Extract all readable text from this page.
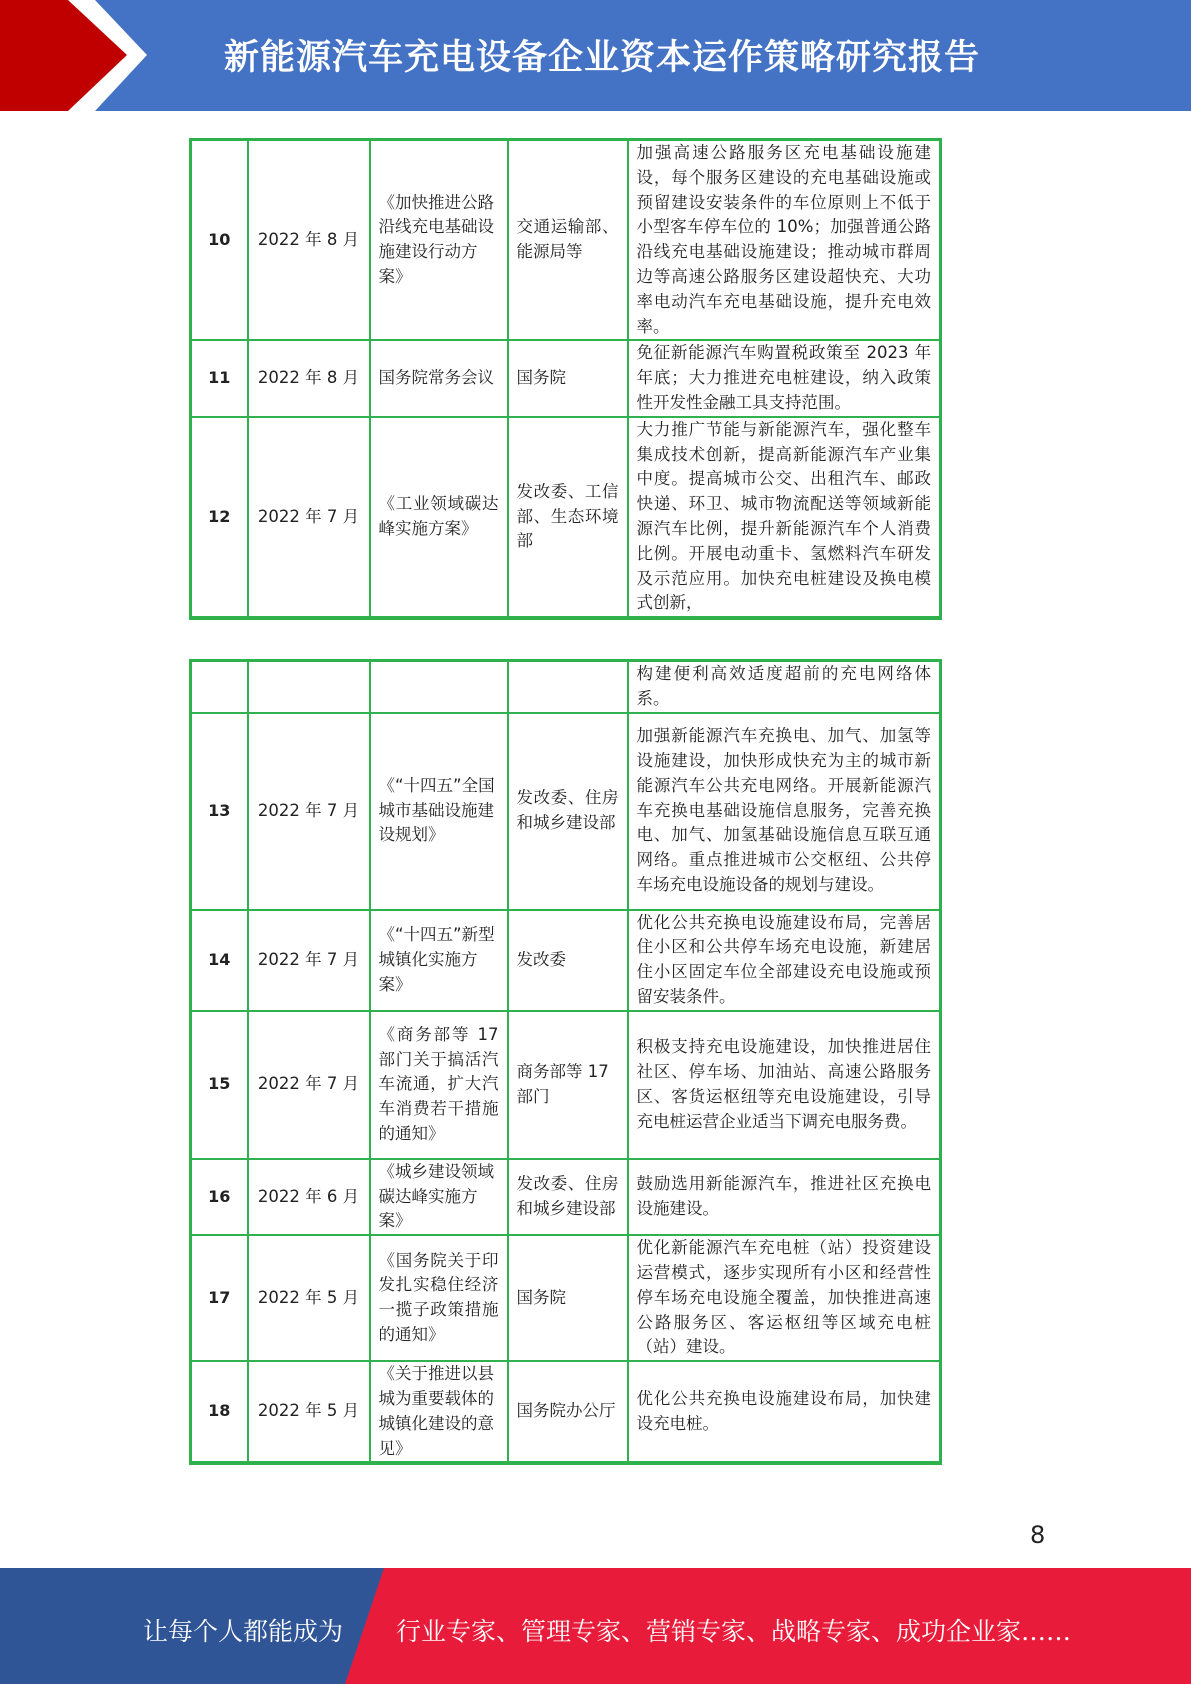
新能源汽车充电设备企业资本运作策略研究报告
10	2022 年 8 月	《加快推进公路沿线充电基础设施建设行动方案》	交通运输部、能源局等	加强高速公路服务区充电基础设施建设，每个服务区建设的充电基础设施或预留建设安装条件的车位原则上不低于小型客车停车位的 10%；加强普通公路沿线充电基础设施建设；推动城市群周边等高速公路服务区建设超快充、大功率电动汽车充电基础设施，提升充电效率。
11	2022 年 8 月	国务院常务会议	国务院	免征新能源汽车购置税政策至 2023 年年底；大力推进充电桩建设，纳入政策性开发性金融工具支持范围。
12	2022 年 7 月	《工业领域碳达峰实施方案》	发改委、工信部、生态环境部	大力推广节能与新能源汽车，强化整车集成技术创新，提高新能源汽车产业集中度。提高城市公交、出租汽车、邮政快递、环卫、城市物流配送等领域新能源汽车比例，提升新能源汽车个人消费比例。开展电动重卡、氢燃料汽车研发及示范应用。加快充电桩建设及换电模式创新，
				构建便利高效适度超前的充电网络体系。
13	2022 年 7 月	《“十四五”全国城市基础设施建设规划》	发改委、住房和城乡建设部	加强新能源汽车充换电、加气、加氢等设施建设，加快形成快充为主的城市新能源汽车公共充电网络。开展新能源汽车充换电基础设施信息服务，完善充换电、加气、加氢基础设施信息互联互通网络。重点推进城市公交枢纽、公共停车场充电设施设备的规划与建设。
14	2022 年 7 月	《“十四五”新型城镇化实施方案》	发改委	优化公共充换电设施建设布局，完善居住小区和公共停车场充电设施，新建居住小区固定车位全部建设充电设施或预留安装条件。
15	2022 年 7 月	《商务部等 17 部门关于搞活汽车流通，扩大汽车消费若干措施的通知》	商务部等 17 部门	积极支持充电设施建设，加快推进居住社区、停车场、加油站、高速公路服务区、客货运枢纽等充电设施建设，引导充电桩运营企业适当下调充电服务费。
16	2022 年 6 月	《城乡建设领域碳达峰实施方案》	发改委、住房和城乡建设部	鼓励选用新能源汽车，推进社区充换电设施建设。
17	2022 年 5 月	《国务院关于印发扎实稳住经济一揽子政策措施的通知》	国务院	优化新能源汽车充电桩（站）投资建设运营模式，逐步实现所有小区和经营性停车场充电设施全覆盖，加快推进高速公路服务区、客运枢纽等区域充电桩（站）建设。
18	2022 年 5 月	《关于推进以县城为重要载体的城镇化建设的意见》	国务院办公厅	优化公共充换电设施建设布局，加快建设充电桩。
8
让每个人都能成为 行业专家、管理专家、营销专家、战略专家、成功企业家……
